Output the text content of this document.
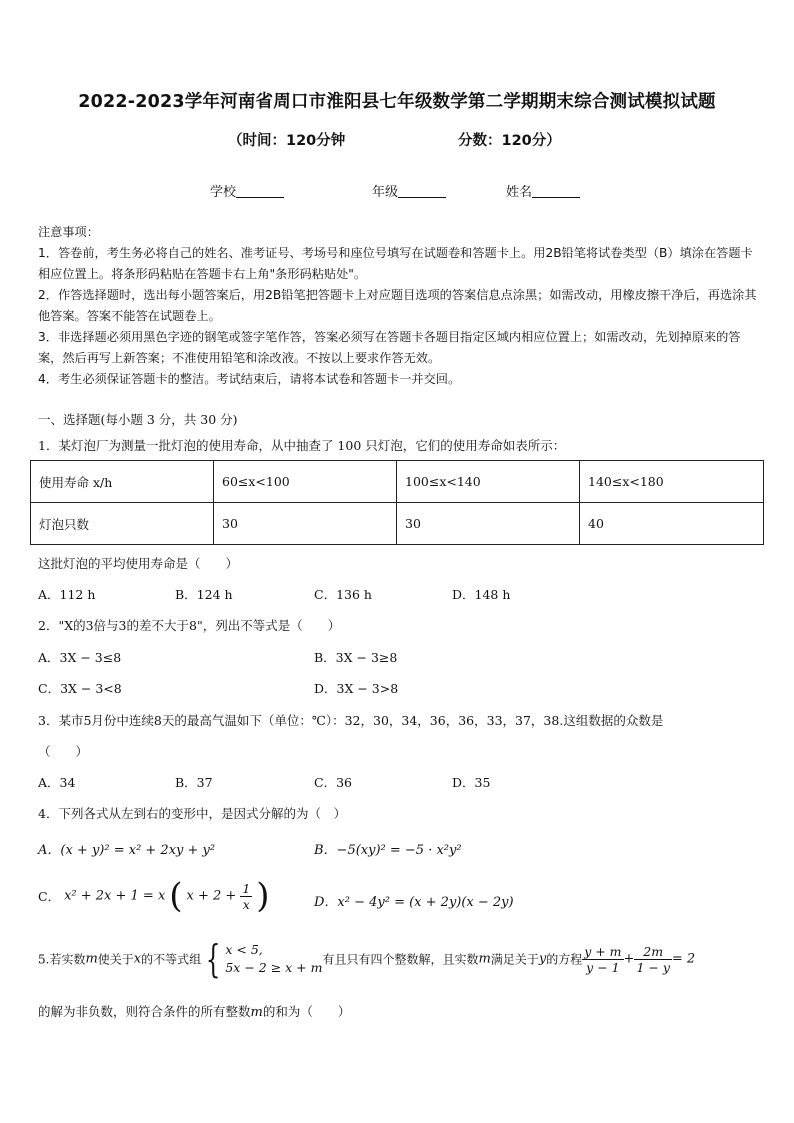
2022-2023学年河南省周口市淮阳县七年级数学第二学期期末综合测试模拟试题
（时间：120分钟	分数：120分）
学校	年级	姓名
注意事项：
1．答卷前，考生务必将自己的姓名、准考证号、考场号和座位号填写在试题卷和答题卡上。用2B铅笔将试卷类型（B）填涂在答题卡相应位置上。将条形码粘贴在答题卡右上角"条形码粘贴处"。
2．作答选择题时，选出每小题答案后，用2B铅笔把答题卡上对应题目选项的答案信息点涂黑；如需改动，用橡皮擦干净后，再选涂其他答案。答案不能答在试题卷上。
3．非选择题必须用黑色字迹的钢笔或签字笔作答，答案必须写在答题卡各题目指定区域内相应位置上；如需改动，先划掉原来的答案，然后再写上新答案；不准使用铅笔和涂改液。不按以上要求作答无效。
4．考生必须保证答题卡的整洁。考试结束后，请将本试卷和答题卡一并交回。
一、选择题(每小题 3 分，共 30 分)
1．某灯泡厂为测量一批灯泡的使用寿命，从中抽查了 100 只灯泡，它们的使用寿命如表所示：
使用寿命 x/h	60≤x<100	100≤x<140	140≤x<180
灯泡只数	30	30	40
这批灯泡的平均使用寿命是（　　）
A．112 h	B．124 h	C．136 h	D．148 h
2．"X的3倍与3的差不大于8"，列出不等式是（　　）
A．3X − 3≤8	B．3X − 3≥8
C．3X − 3<8	D．3X − 3>8
3．某市5月份中连续8天的最高气温如下（单位：℃）：32，30，34，36，36，33，37，38.这组数据的众数是
（　　）
A．34	B．37	C．36	D．35
4．下列各式从左到右的变形中，是因式分解的为（　）
A．(x + y)² = x² + 2xy + y²	B．−5(xy)² = −5 · x²y²
C． x² + 2x + 1 = x ( $x + 2 + \frac{1}{x}$ )	D．x² − 4y² = (x + 2y)(x − 2y)
5.若实数m使关于x的不等式组 { x < 5,
5x − 2 ≥ x + m
有且只有四个整数解，且实数m满足关于y的方程 $\frac{y + m}{y - 1} + \frac{2m}{1 - y} = 2$
的解为非负数，则符合条件的所有整数m的和为（　　）
